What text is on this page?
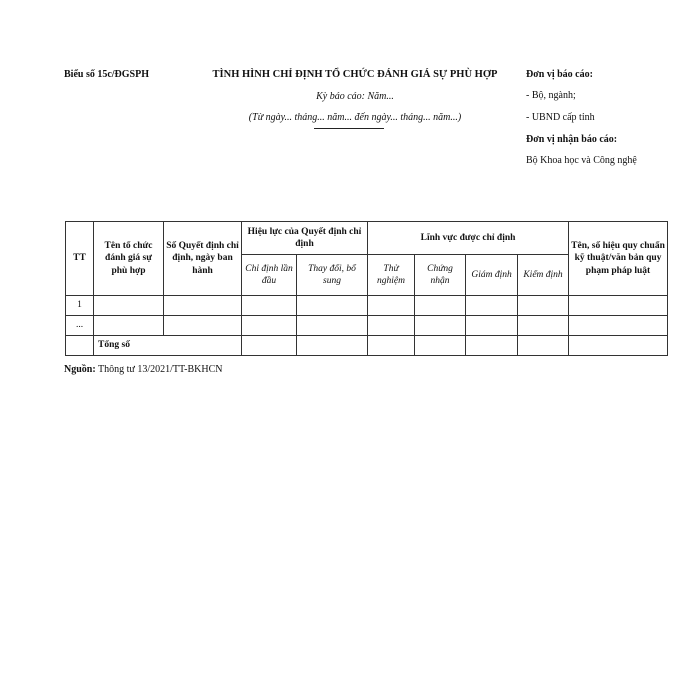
Biểu số 15c/ĐGSPH	TÌNH HÌNH CHỈ ĐỊNH TỔ CHỨC ĐÁNH GIÁ SỰ PHÙ HỢP
Kỳ báo cáo: Năm...
(Từ ngày... tháng... năm... đến ngày... tháng... năm...)
Đơn vị báo cáo:
- Bộ, ngành;
- UBND cấp tỉnh
Đơn vị nhận báo cáo:
Bộ Khoa học và Công nghệ
TT	Tên tổ chức đánh giá sự phù hợp	Số Quyết định chỉ định, ngày ban hành	Hiệu lực của Quyết định chỉ định		Lĩnh vực được chỉ định				Tên, số hiệu quy chuẩn kỹ thuật/văn bản quy phạm pháp luật
			Chỉ định lần đầu	Thay đổi, bổ sung	Thử nghiệm	Chứng nhận	Giám định	Kiểm định	
1									
...									
	Tổng số								
Nguồn: Thông tư 13/2021/TT-BKHCN
